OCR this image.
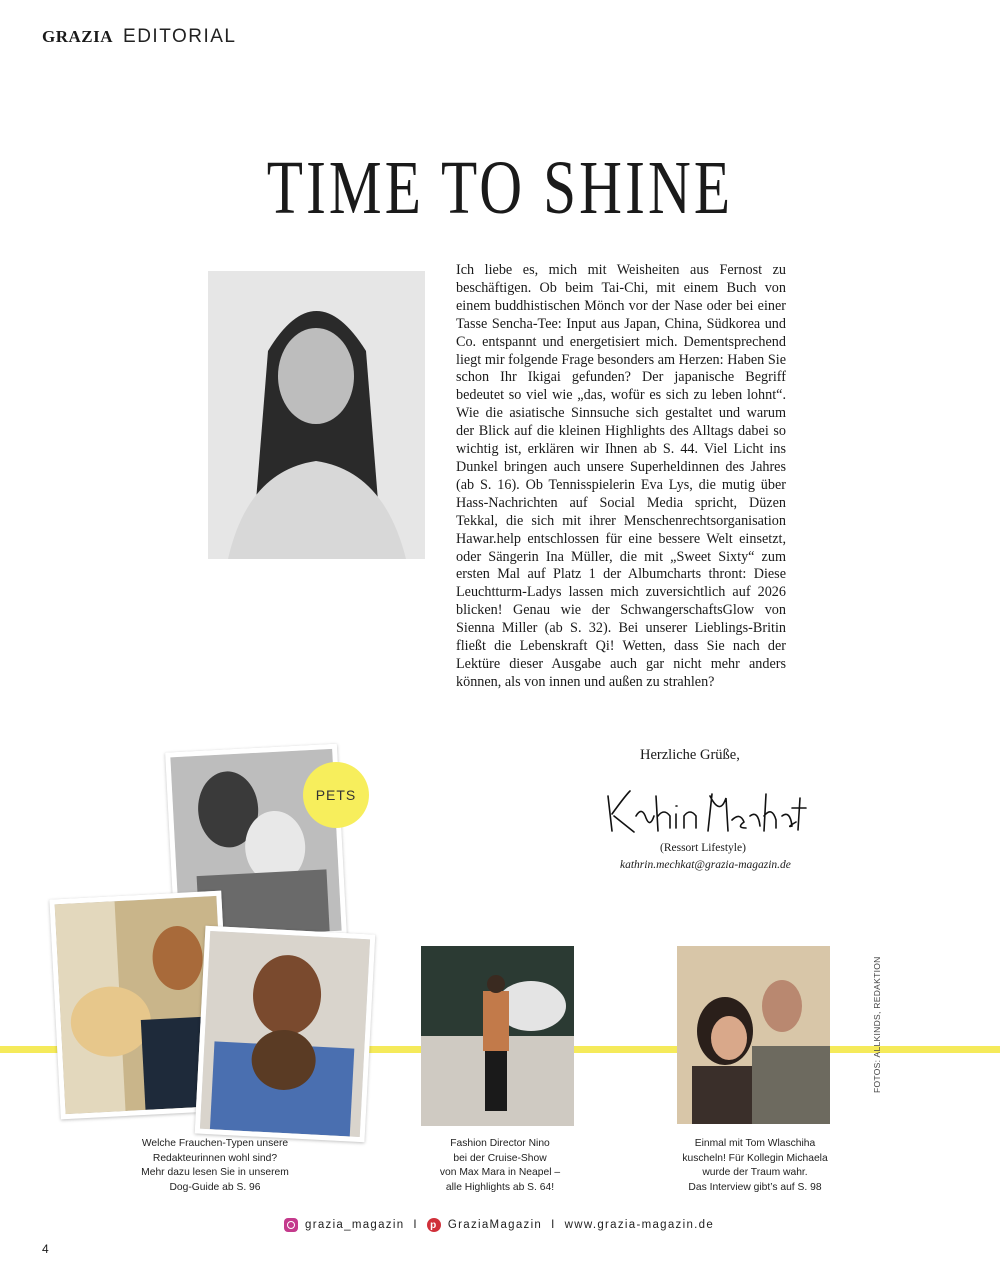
GRAZIA EDITORIAL
TIME TO SHINE
Ich liebe es, mich mit Weisheiten aus Fernost zu beschäftigen. Ob beim Tai-Chi, mit einem Buch von einem buddhistischen Mönch vor der Nase oder bei einer Tasse Sencha-Tee: Input aus Japan, China, Südkorea und Co. entspannt und energetisiert mich. Dementsprechend liegt mir folgende Frage besonders am Herzen: Haben Sie schon Ihr Ikigai gefunden? Der japanische Begriff bedeutet so viel wie „das, wofür es sich zu leben lohnt“. Wie die asiatische Sinnsuche sich gestaltet und warum der Blick auf die kleinen Highlights des Alltags dabei so wichtig ist, erklären wir Ihnen ab S. 44. Viel Licht ins Dunkel bringen auch unsere Superheldinnen des Jahres (ab S. 16). Ob Tennisspielerin Eva Lys, die mutig über Hass-Nachrichten auf Social Media spricht, Düzen Tekkal, die sich mit ihrer Menschenrechtsorganisation Hawar.help entschlossen für eine bessere Welt einsetzt, oder Sängerin Ina Müller, die mit „Sweet Sixty“ zum ersten Mal auf Platz 1 der Albumcharts thront: Diese Leuchtturm-Ladys lassen mich zuversichtlich auf 2026 blicken! Genau wie der SchwangerschaftsGlow von Sienna Miller (ab S. 32). Bei unserer Lieblings-Britin fließt die Lebenskraft Qi! Wetten, dass Sie nach der Lektüre dieser Ausgabe auch gar nicht mehr anders können, als von innen und außen zu strahlen?
Herzliche Grüße,
(Ressort Lifestyle)
kathrin.mechkat@grazia-magazin.de
PETS
Welche Frauchen-Typen unsere
Redakteurinnen wohl sind?
Mehr dazu lesen Sie in unserem
Dog-Guide ab S. 96
Fashion Director Nino
bei der Cruise-Show
von Max Mara in Neapel –
alle Highlights ab S. 64!
Einmal mit Tom Wlaschiha
kuscheln! Für Kollegin Michaela
wurde der Traum wahr.
Das Interview gibt’s auf S. 98
FOTOS: ALLKINDS, REDAKTION
grazia_magazin I	p GraziaMagazin I www.grazia-magazin.de
4
